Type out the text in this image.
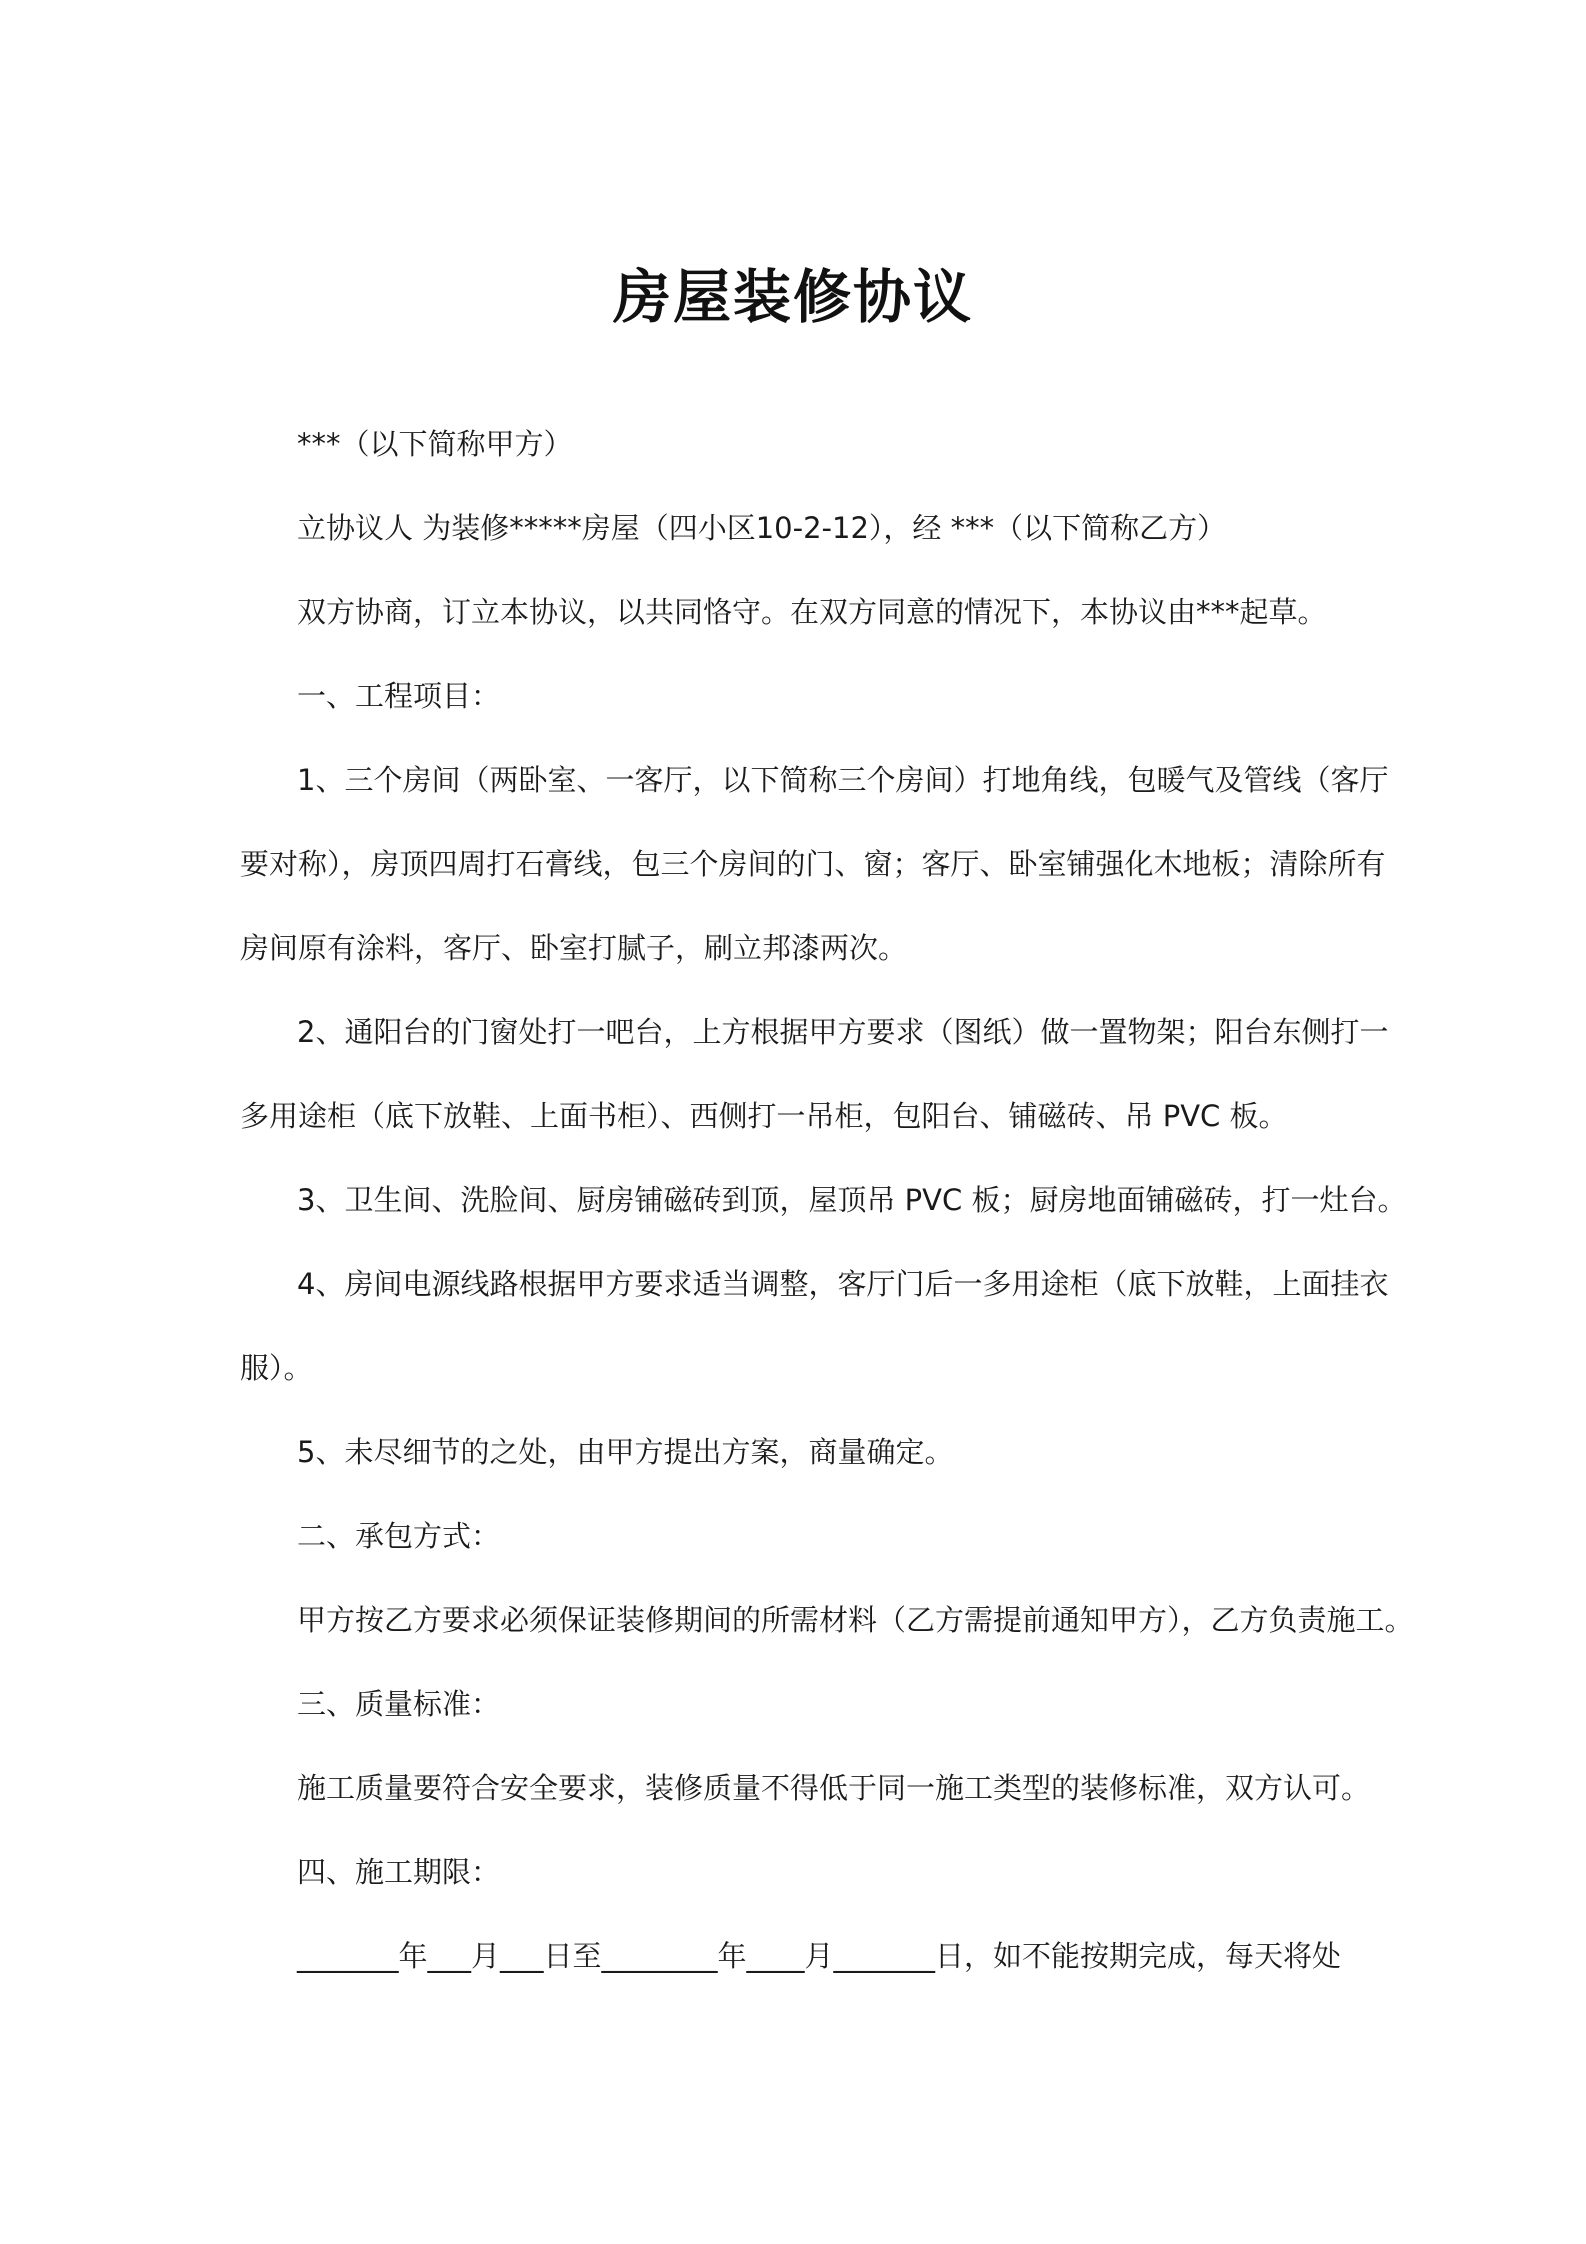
房屋装修协议
***（以下简称甲方）
立协议人 为装修*****房屋（四小区10-2-12），经 ***（以下简称乙方）
双方协商，订立本协议，以共同恪守。在双方同意的情况下，本协议由***起草。
一、工程项目：
1、三个房间（两卧室、一客厅，以下简称三个房间）打地角线，包暖气及管线（客厅
要对称），房顶四周打石膏线，包三个房间的门、窗；客厅、卧室铺强化木地板；清除所有
房间原有涂料，客厅、卧室打腻子，刷立邦漆两次。
2、通阳台的门窗处打一吧台，上方根据甲方要求（图纸）做一置物架；阳台东侧打一
多用途柜（底下放鞋、上面书柜）、西侧打一吊柜，包阳台、铺磁砖、吊 PVC 板。
3、卫生间、洗脸间、厨房铺磁砖到顶，屋顶吊 PVC 板；厨房地面铺磁砖，打一灶台。
4、房间电源线路根据甲方要求适当调整，客厅门后一多用途柜（底下放鞋，上面挂衣
服）。
5、未尽细节的之处，由甲方提出方案，商量确定。
二、承包方式：
甲方按乙方要求必须保证装修期间的所需材料（乙方需提前通知甲方），乙方负责施工。
三、质量标准：
施工质量要符合安全要求，装修质量不得低于同一施工类型的装修标准，双方认可。
四、施工期限：
_______年___月___日至________年____月_______日，如不能按期完成，每天将处
